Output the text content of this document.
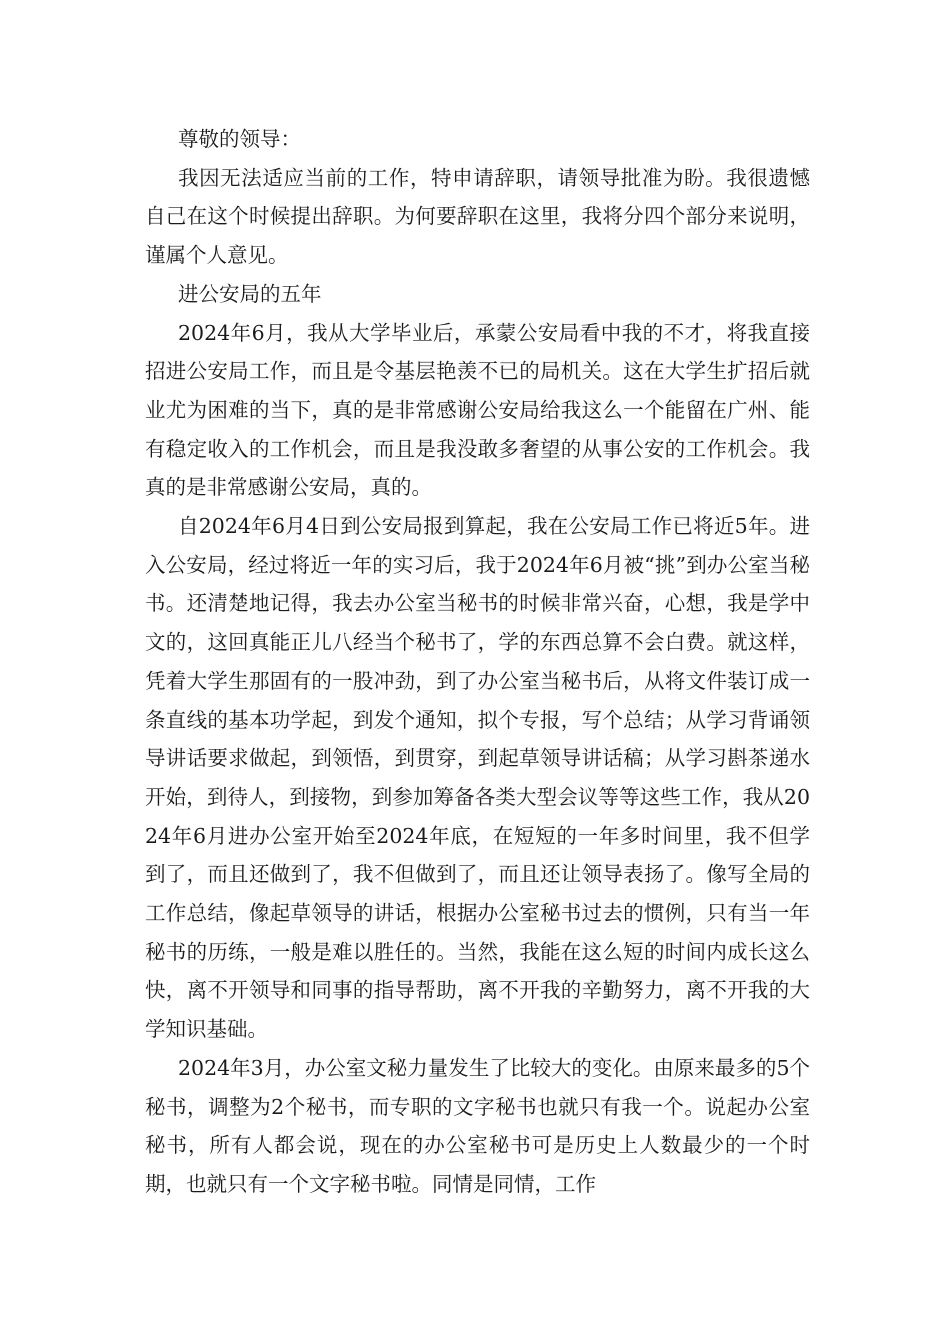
尊敬的领导：

我因无法适应当前的工作，特申请辞职，请领导批准为盼。我很遗憾自己在这个时候提出辞职。为何要辞职在这里，我将分四个部分来说明，谨属个人意见。

进公安局的五年

2024年6月，我从大学毕业后，承蒙公安局看中我的不才，将我直接招进公安局工作，而且是令基层艳羡不已的局机关。这在大学生扩招后就业尤为困难的当下，真的是非常感谢公安局给我这么一个能留在广州、能有稳定收入的工作机会，而且是我没敢多奢望的从事公安的工作机会。我真的是非常感谢公安局，真的。

自2024年6月4日到公安局报到算起，我在公安局工作已将近5年。进入公安局，经过将近一年的实习后，我于2024年6月被“挑”到办公室当秘书。还清楚地记得，我去办公室当秘书的时候非常兴奋，心想，我是学中文的，这回真能正儿八经当个秘书了，学的东西总算不会白费。就这样，凭着大学生那固有的一股冲劲，到了办公室当秘书后，从将文件装订成一条直线的基本功学起，到发个通知，拟个专报，写个总结；从学习背诵领导讲话要求做起，到领悟，到贯穿，到起草领导讲话稿；从学习斟茶递水开始，到待人，到接物，到参加筹备各类大型会议等等这些工作，我从2024年6月进办公室开始至2024年底，在短短的一年多时间里，我不但学到了，而且还做到了，我不但做到了，而且还让领导表扬了。像写全局的工作总结，像起草领导的讲话，根据办公室秘书过去的惯例，只有当一年秘书的历练，一般是难以胜任的。当然，我能在这么短的时间内成长这么快，离不开领导和同事的指导帮助，离不开我的辛勤努力，离不开我的大学知识基础。

2024年3月，办公室文秘力量发生了比较大的变化。由原来最多的5个秘书，调整为2个秘书，而专职的文字秘书也就只有我一个。说起办公室秘书，所有人都会说，现在的办公室秘书可是历史上人数最少的一个时期，也就只有一个文字秘书啦。同情是同情，工作
